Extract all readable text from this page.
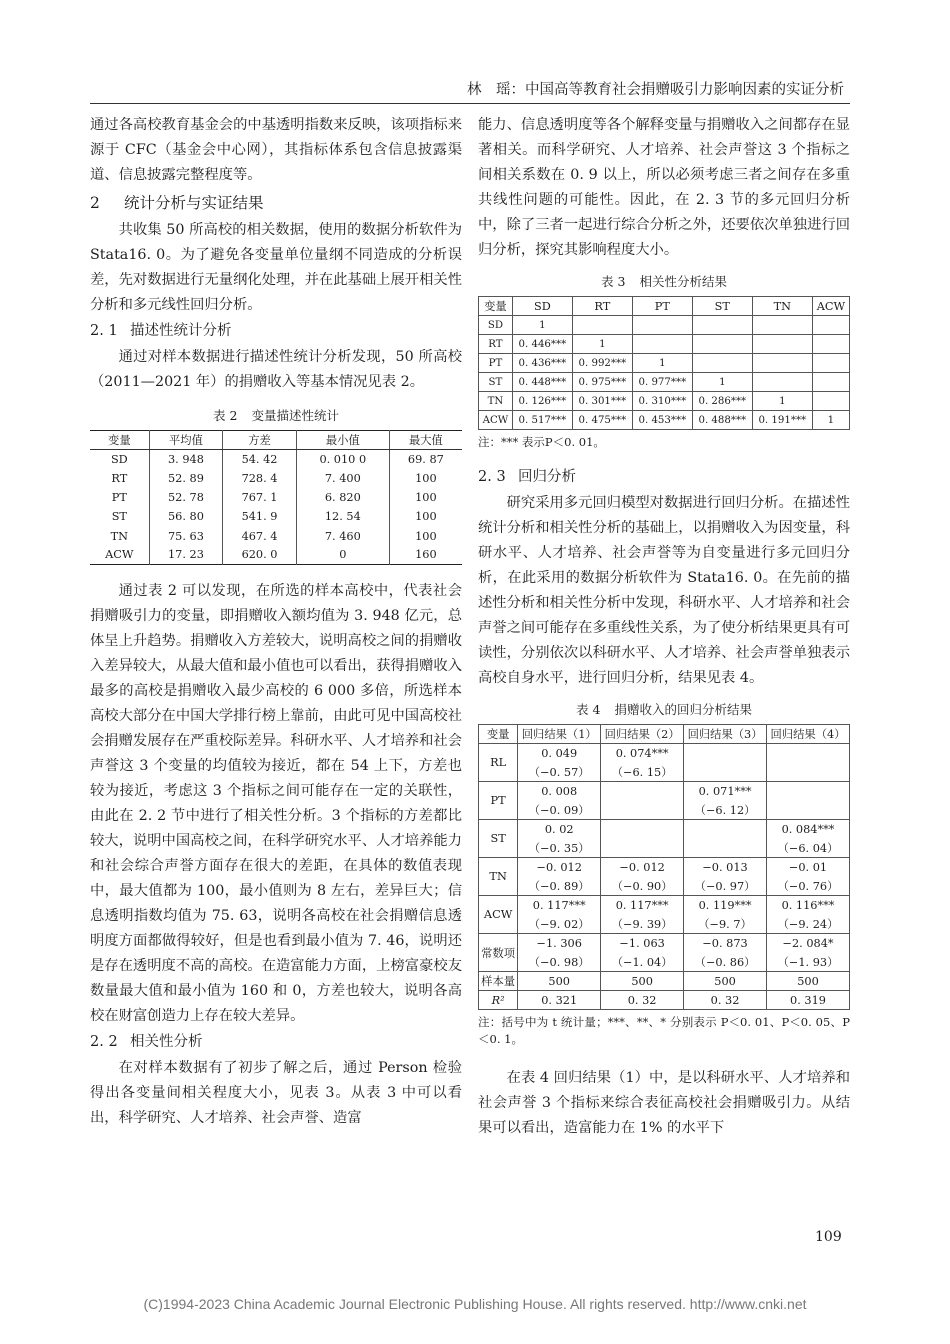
林　瑶：中国高等教育社会捐赠吸引力影响因素的实证分析

通过各高校教育基金会的中基透明指数来反映，该项指标来源于 CFC（基金会中心网），其指标体系包含信息披露渠道、信息披露完整程度等。

2 统计分析与实证结果

共收集 50 所高校的相关数据，使用的数据分析软件为 Stata16. 0。为了避免各变量单位量纲不同造成的分析误差，先对数据进行无量纲化处理，并在此基础上展开相关性分析和多元线性回归分析。

2. 1 描述性统计分析

通过对样本数据进行描述性统计分析发现，50 所高校（2011—2021 年）的捐赠收入等基本情况见表 2。

表 2 变量描述性统计
变量	平均值	方差	最小值	最大值
SD	3. 948	54. 42	0. 010 0	69. 87
RT	52. 89	728. 4	7. 400	100
PT	52. 78	767. 1	6. 820	100
ST	56. 80	541. 9	12. 54	100
TN	75. 63	467. 4	7. 460	100
ACW	17. 23	620. 0	0	160

通过表 2 可以发现，在所选的样本高校中，代表社会捐赠吸引力的变量，即捐赠收入额均值为 3. 948 亿元，总体呈上升趋势。捐赠收入方差较大，说明高校之间的捐赠收入差异较大，从最大值和最小值也可以看出，获得捐赠收入最多的高校是捐赠收入最少高校的 6 000 多倍，所选样本高校大部分在中国大学排行榜上靠前，由此可见中国高校社会捐赠发展存在严重校际差异。科研水平、人才培养和社会声誉这 3 个变量的均值较为接近，都在 54 上下，方差也较为接近，考虑这 3 个指标之间可能存在一定的关联性，由此在 2. 2 节中进行了相关性分析。3 个指标的方差都比较大，说明中国高校之间，在科学研究水平、人才培养能力和社会综合声誉方面存在很大的差距，在具体的数值表现中，最大值都为 100，最小值则为 8 左右，差异巨大；信息透明指数均值为 75. 63，说明各高校在社会捐赠信息透明度方面都做得较好，但是也看到最小值为 7. 46，说明还是存在透明度不高的高校。在造富能力方面，上榜富豪校友数量最大值和最小值为 160 和 0，方差也较大，说明各高校在财富创造力上存在较大差异。

2. 2 相关性分析

在对样本数据有了初步了解之后，通过 Person 检验得出各变量间相关程度大小，见表 3。从表 3 中可以看出，科学研究、人才培养、社会声誉、造富

能力、信息透明度等各个解释变量与捐赠收入之间都存在显著相关。而科学研究、人才培养、社会声誉这 3 个指标之间相关系数在 0. 9 以上，所以必须考虑三者之间存在多重共线性问题的可能性。因此，在 2. 3 节的多元回归分析中，除了三者一起进行综合分析之外，还要依次单独进行回归分析，探究其影响程度大小。

表 3 相关性分析结果
变量	SD	RT	PT	ST	TN	ACW
SD	1					
RT	0. 446***	1				
PT	0. 436***	0. 992***	1			
ST	0. 448***	0. 975***	0. 977***	1		
TN	0. 126***	0. 301***	0. 310***	0. 286***	1	
ACW	0. 517***	0. 475***	0. 453***	0. 488***	0. 191***	1
注：*** 表示P＜0. 01。
2. 3 回归分析

研究采用多元回归模型对数据进行回归分析。在描述性统计分析和相关性分析的基础上，以捐赠收入为因变量，科研水平、人才培养、社会声誉等为自变量进行多元回归分析，在此采用的数据分析软件为 Stata16. 0。在先前的描述性分析和相关性分析中发现，科研水平、人才培养和社会声誉之间可能存在多重线性关系，为了使分析结果更具有可读性，分别依次以科研水平、人才培养、社会声誉单独表示高校自身水平，进行回归分析，结果见表 4。

表 4 捐赠收入的回归分析结果
变量	回归结果（1）	回归结果（2）	回归结果（3）	回归结果（4）
RL	0. 049	0. 074***		
	（−0. 57）	（−6. 15）		
PT	0. 008		0. 071***	
	（−0. 09）		（−6. 12）	
ST	0. 02			0. 084***
	（−0. 35）			（−6. 04）
TN	−0. 012	−0. 012	−0. 013	−0. 01
	（−0. 89）	（−0. 90）	（−0. 97）	（−0. 76）
ACW	0. 117***	0. 117***	0. 119***	0. 116***
	（−9. 02）	（−9. 39）	（−9. 7）	（−9. 24）
常数项	−1. 306	−1. 063	−0. 873	−2. 084*
	（−0. 98）	（−1. 04）	（−0. 86）	（−1. 93）
样本量	500	500	500	500
R²	0. 321	0. 32	0. 32	0. 319
注：括号中为 t 统计量；***、**、* 分别表示 P＜0. 01、P＜0. 05、P＜0. 1。

在表 4 回归结果（1）中，是以科研水平、人才培养和社会声誉 3 个指标来综合表征高校社会捐赠吸引力。从结果可以看出，造富能力在 1% 的水平下

109
(C)1994-2023 China Academic Journal Electronic Publishing House. All rights reserved. http://www.cnki.net
